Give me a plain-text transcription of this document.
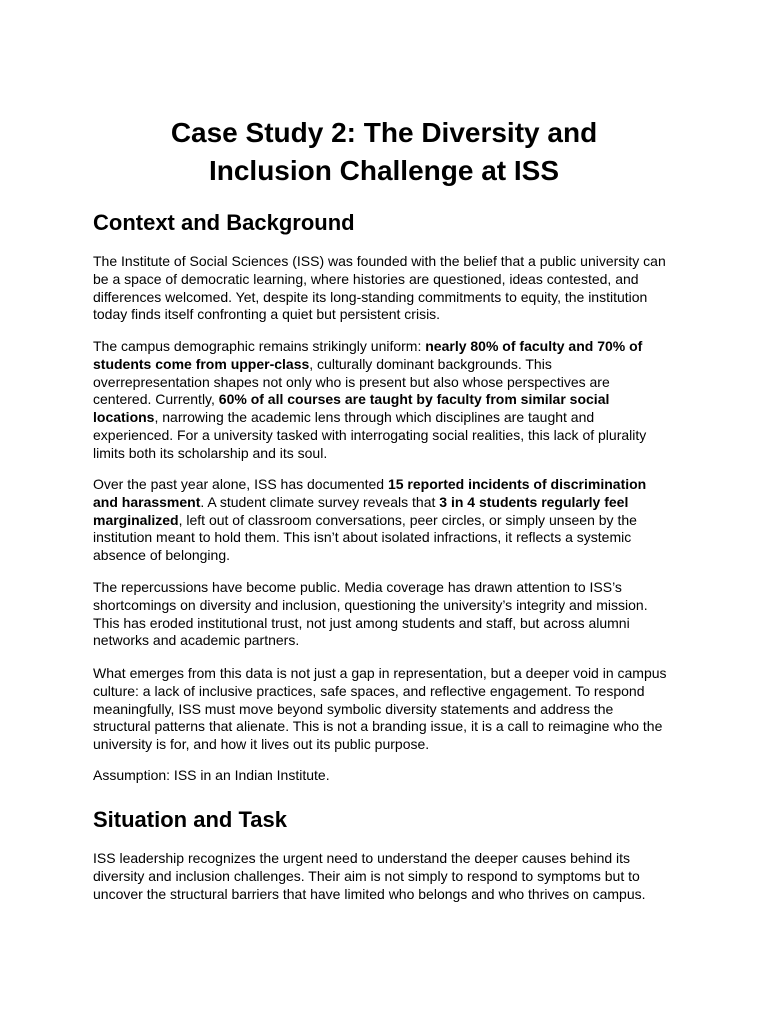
Case Study 2: The Diversity and
Inclusion Challenge at ISS
Context and Background

The Institute of Social Sciences (ISS) was founded with the belief that a public university can
be a space of democratic learning, where histories are questioned, ideas contested, and
differences welcomed. Yet, despite its long-standing commitments to equity, the institution
today finds itself confronting a quiet but persistent crisis.

The campus demographic remains strikingly uniform: nearly 80% of faculty and 70% of
students come from upper-class, culturally dominant backgrounds. This
overrepresentation shapes not only who is present but also whose perspectives are
centered. Currently, 60% of all courses are taught by faculty from similar social
locations, narrowing the academic lens through which disciplines are taught and
experienced. For a university tasked with interrogating social realities, this lack of plurality
limits both its scholarship and its soul.

Over the past year alone, ISS has documented 15 reported incidents of discrimination
and harassment. A student climate survey reveals that 3 in 4 students regularly feel
marginalized, left out of classroom conversations, peer circles, or simply unseen by the
institution meant to hold them. This isn’t about isolated infractions, it reflects a systemic
absence of belonging.

The repercussions have become public. Media coverage has drawn attention to ISS’s
shortcomings on diversity and inclusion, questioning the university’s integrity and mission.
This has eroded institutional trust, not just among students and staff, but across alumni
networks and academic partners.

What emerges from this data is not just a gap in representation, but a deeper void in campus
culture: a lack of inclusive practices, safe spaces, and reflective engagement. To respond
meaningfully, ISS must move beyond symbolic diversity statements and address the
structural patterns that alienate. This is not a branding issue, it is a call to reimagine who the
university is for, and how it lives out its public purpose.

Assumption: ISS in an Indian Institute.

Situation and Task

ISS leadership recognizes the urgent need to understand the deeper causes behind its
diversity and inclusion challenges. Their aim is not simply to respond to symptoms but to
uncover the structural barriers that have limited who belongs and who thrives on campus.
